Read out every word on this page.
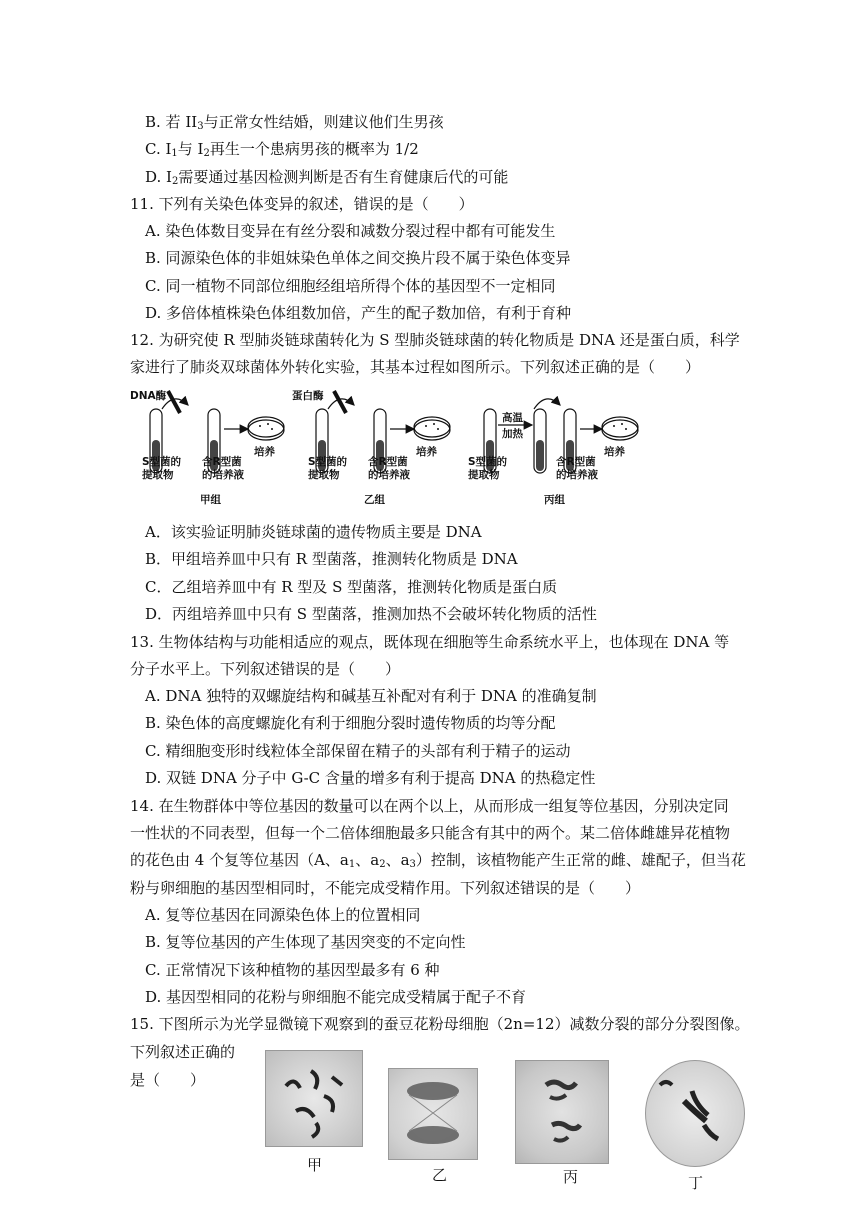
B. 若 $II_3$与正常女性结婚，则建议他们生男孩
C. $I_1$与 $I_2$再生一个患病男孩的概率为 1/2
D. $I_2$需要通过基因检测判断是否有生育健康后代的可能
11. 下列有关染色体变异的叙述，错误的是（　　）
A. 染色体数目变异在有丝分裂和减数分裂过程中都有可能发生
B. 同源染色体的非姐妹染色单体之间交换片段不属于染色体变异
C. 同一植物不同部位细胞经组培所得个体的基因型不一定相同
D. 多倍体植株染色体组数加倍，产生的配子数加倍，有利于育种
12. 为研究使 R 型肺炎链球菌转化为 S 型肺炎链球菌的转化物质是 DNA 还是蛋白质，科学
家进行了肺炎双球菌体外转化实验，其基本过程如图所示。下列叙述正确的是（　　）
DNA酶
培养
S型菌的
提取物
含R型菌
的培养液
甲组
蛋白酶
培养
S型菌的
提取物
含R型菌
的培养液
乙组
高温
加热
培养
S型菌的
提取物
含R型菌
的培养液
丙组
A．该实验证明肺炎链球菌的遗传物质主要是 DNA
B．甲组培养皿中只有 R 型菌落，推测转化物质是 DNA
C．乙组培养皿中有 R 型及 S 型菌落，推测转化物质是蛋白质
D．丙组培养皿中只有 S 型菌落，推测加热不会破坏转化物质的活性
13. 生物体结构与功能相适应的观点，既体现在细胞等生命系统水平上，也体现在 DNA 等
分子水平上。下列叙述错误的是（　　）
A. DNA 独特的双螺旋结构和碱基互补配对有利于 DNA 的准确复制
B. 染色体的高度螺旋化有利于细胞分裂时遗传物质的均等分配
C. 精细胞变形时线粒体全部保留在精子的头部有利于精子的运动
D. 双链 DNA 分子中 G-C 含量的增多有利于提高 DNA 的热稳定性
14. 在生物群体中等位基因的数量可以在两个以上，从而形成一组复等位基因，分别决定同
一性状的不同表型，但每一个二倍体细胞最多只能含有其中的两个。某二倍体雌雄异花植物
的花色由 4 个复等位基因（A、$a_1$、$a_2$、$a_3$）控制，该植物能产生正常的雌、雄配子，但当花
粉与卵细胞的基因型相同时，不能完成受精作用。下列叙述错误的是（　　）
A. 复等位基因在同源染色体上的位置相同
B. 复等位基因的产生体现了基因突变的不定向性
C. 正常情况下该种植物的基因型最多有 6 种
D. 基因型相同的花粉与卵细胞不能完成受精属于配子不育
15. 下图所示为光学显微镜下观察到的蚕豆花粉母细胞（2n=12）减数分裂的部分分裂图像。
下列叙述正确的
是（　　）
甲
乙	丙	丁
